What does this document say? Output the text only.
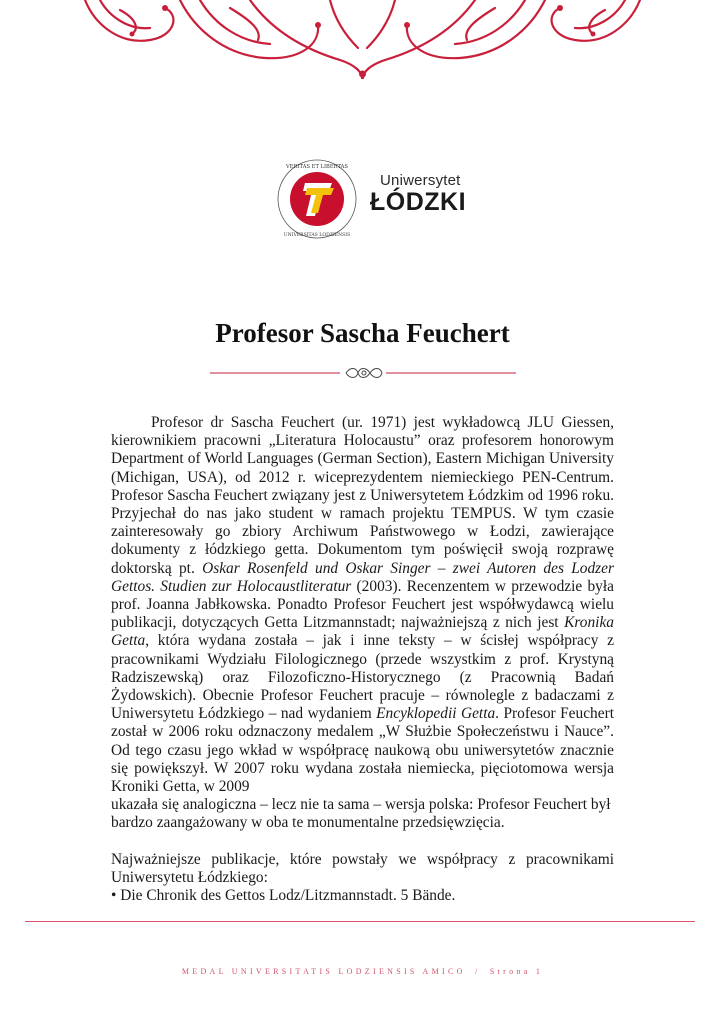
VERITAS ET LIBERTAS
UNIVERSITAS LODZIENSIS
Uniwersytet
ŁÓDZKI
Profesor Sascha Feuchert

Profesor dr Sascha Feuchert (ur. 1971) jest wykładowcą JLU Giessen, kierownikiem pracowni „Literatura Holocaustu” oraz profesorem honorowym Department of World Languages (German Section), Eastern Michigan University (Michigan, USA), od 2012 r. wiceprezydentem niemieckiego PEN-Centrum. Profesor Sascha Feuchert związany jest z Uniwersytetem Łódzkim od 1996 roku. Przyjechał do nas jako student w ramach projektu TEMPUS. W tym czasie zainteresowały go zbiory Archiwum Państwowego w Łodzi, zawierające dokumenty z łódzkiego getta. Dokumentom tym poświęcił swoją rozprawę doktorską pt. Oskar Rosenfeld und Oskar Singer – zwei Autoren des Lodzer Gettos. Studien zur Holocaustliteratur (2003). Recenzentem w przewodzie była prof. Joanna Jabłkowska. Ponadto Profesor Feuchert jest współwydawcą wielu publikacji, dotyczących Getta Litzmannstadt; najważniejszą z nich jest Kronika Getta, która wydana została – jak i inne teksty – w ścisłej współpracy z pracownikami Wydziału Filologicznego (przede wszystkim z prof. Krystyną Radziszewską) oraz Filozoficzno-Historycznego (z Pracownią Badań Żydowskich). Obecnie Profesor Feuchert pracuje – równolegle z badaczami z Uniwersytetu Łódzkiego – nad wydaniem Encyklopedii Getta. Profesor Feuchert został w 2006 roku odznaczony medalem „W Służbie Społeczeństwu i Nauce”. Od tego czasu jego wkład w współpracę naukową obu uniwersytetów znacznie się powiększył. W 2007 roku wydana została niemiecka, pięciotomowa wersja Kroniki Getta, w 2009

ukazała się analogiczna – lecz nie ta sama – wersja polska: Profesor Feuchert był bardzo zaangażowany w oba te monumentalne przedsięwzięcia.

Najważniejsze publikacje, które powstały we współpracy z pracownikami Uniwersytetu Łódzkiego:

• Die Chronik des Gettos Lodz/Litzmannstadt. 5 Bände.

MEDAL UNIVERSITATIS LODZIENSIS AMICO / Strona 1
